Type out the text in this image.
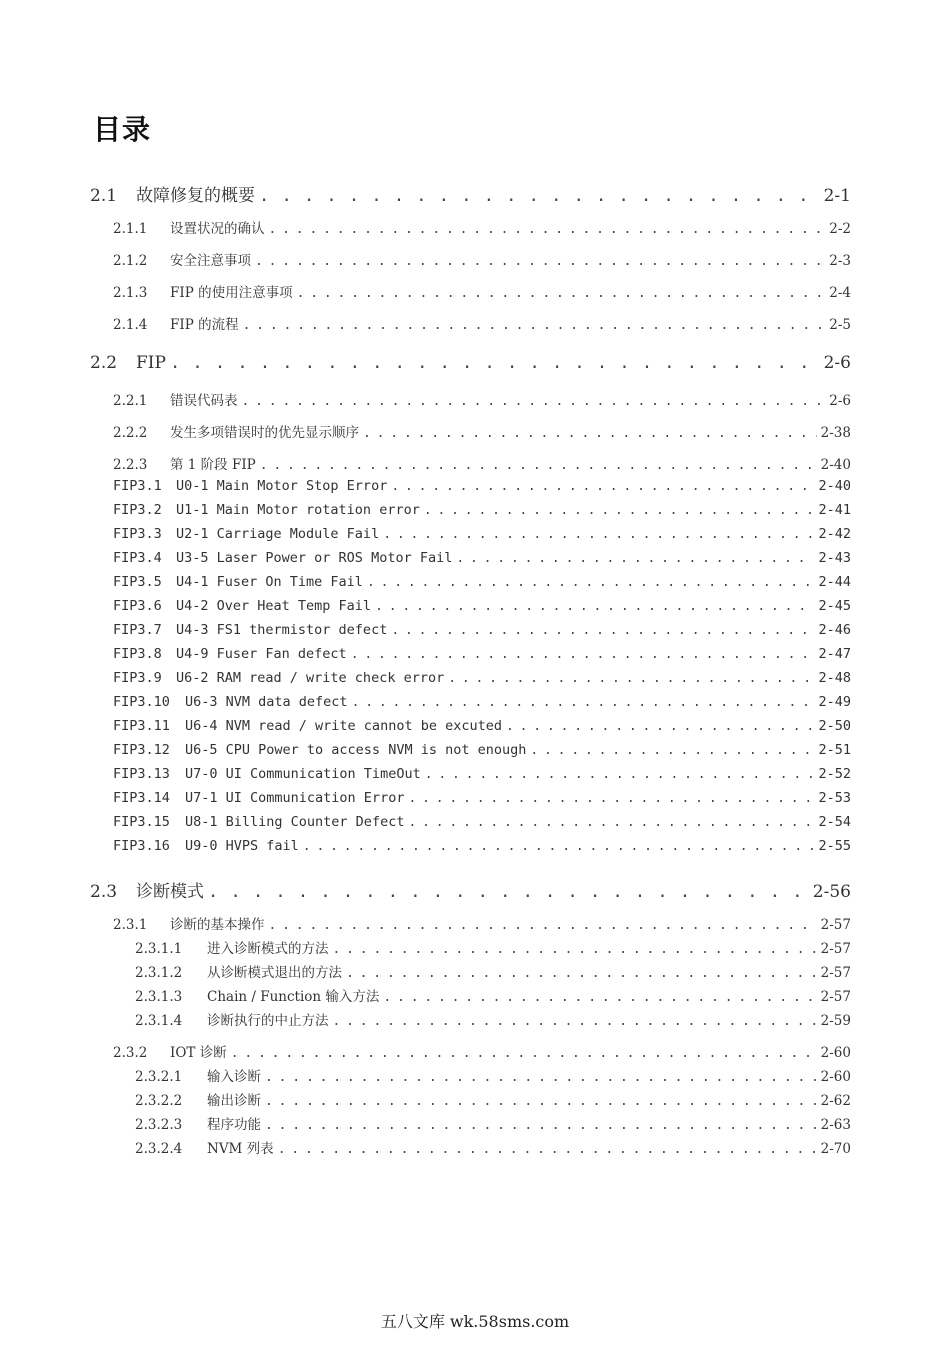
目录
2.1 故障修复的概要 . . .	2-1
2.1.1 设置状况的确认 . . .	2-2
2.1.2 安全注意事项 . . .	2-3
2.1.3 FIP 的使用注意事项 . . .	2-4
2.1.4 FIP 的流程 . . .	2-5
2.2 FIP . . .	2-6
2.2.1 错误代码表 . . .	2-6
2.2.2 发生多项错误时的优先显示顺序 . . .	2-38
2.2.3 第 1 阶段 FIP . . .	2-40
FIP3.1 U0-1 Main Motor Stop Error . . .	2-40
FIP3.2 U1-1 Main Motor rotation error . . .	2-41
FIP3.3 U2-1 Carriage Module Fail . . .	2-42
FIP3.4 U3-5 Laser Power or ROS Motor Fail . . .	2-43
FIP3.5 U4-1 Fuser On Time Fail . . .	2-44
FIP3.6 U4-2 Over Heat Temp Fail . . .	2-45
FIP3.7 U4-3 FS1 thermistor defect . . .	2-46
FIP3.8 U4-9 Fuser Fan defect . . .	2-47
FIP3.9 U6-2 RAM read / write check error . . .	2-48
FIP3.10 U6-3 NVM data defect . . .	2-49
FIP3.11 U6-4 NVM read / write cannot be excuted . . .	2-50
FIP3.12 U6-5 CPU Power to access NVM is not enough . . .	2-51
FIP3.13 U7-0 UI Communication TimeOut . . .	2-52
FIP3.14 U7-1 UI Communication Error . . .	2-53
FIP3.15 U8-1 Billing Counter Defect . . .	2-54
FIP3.16 U9-0 HVPS fail . . .	2-55
2.3 诊断模式 . . .	2-56
2.3.1 诊断的基本操作 . . .	2-57
2.3.1.1 进入诊断模式的方法 . . .	2-57
2.3.1.2 从诊断模式退出的方法 . . .	2-57
2.3.1.3 Chain / Function 输入方法 . . .	2-57
2.3.1.4 诊断执行的中止方法 . . .	2-59
2.3.2 IOT 诊断 . . .	2-60
2.3.2.1 输入诊断 . . .	2-60
2.3.2.2 输出诊断 . . .	2-62
2.3.2.3 程序功能 . . .	2-63
2.3.2.4 NVM 列表 . . .	2-70
五八文库 wk.58sms.com
